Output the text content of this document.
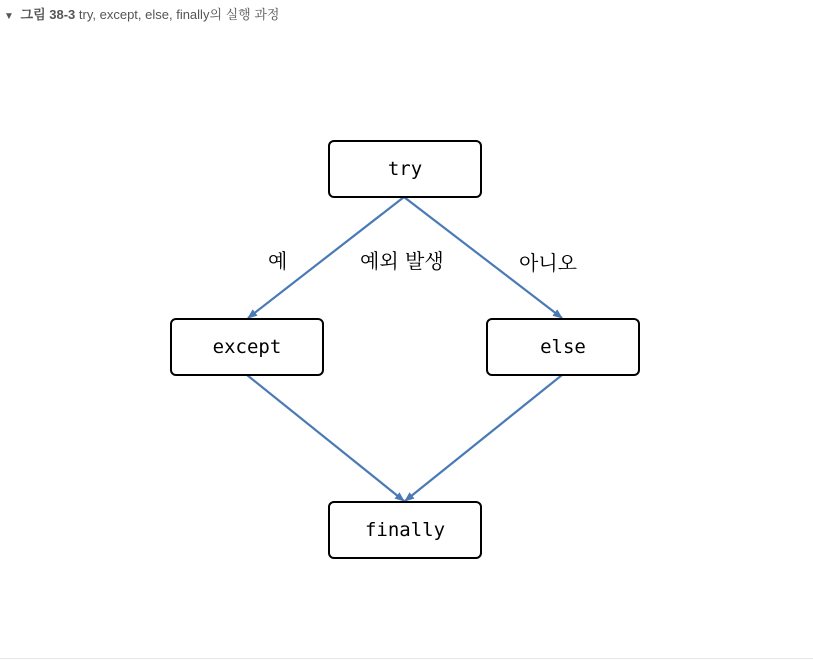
▼ 그림 38-3 try, except, else, finally의 실행 과정
try
except	else
finally
예	예외 발생	아니오
